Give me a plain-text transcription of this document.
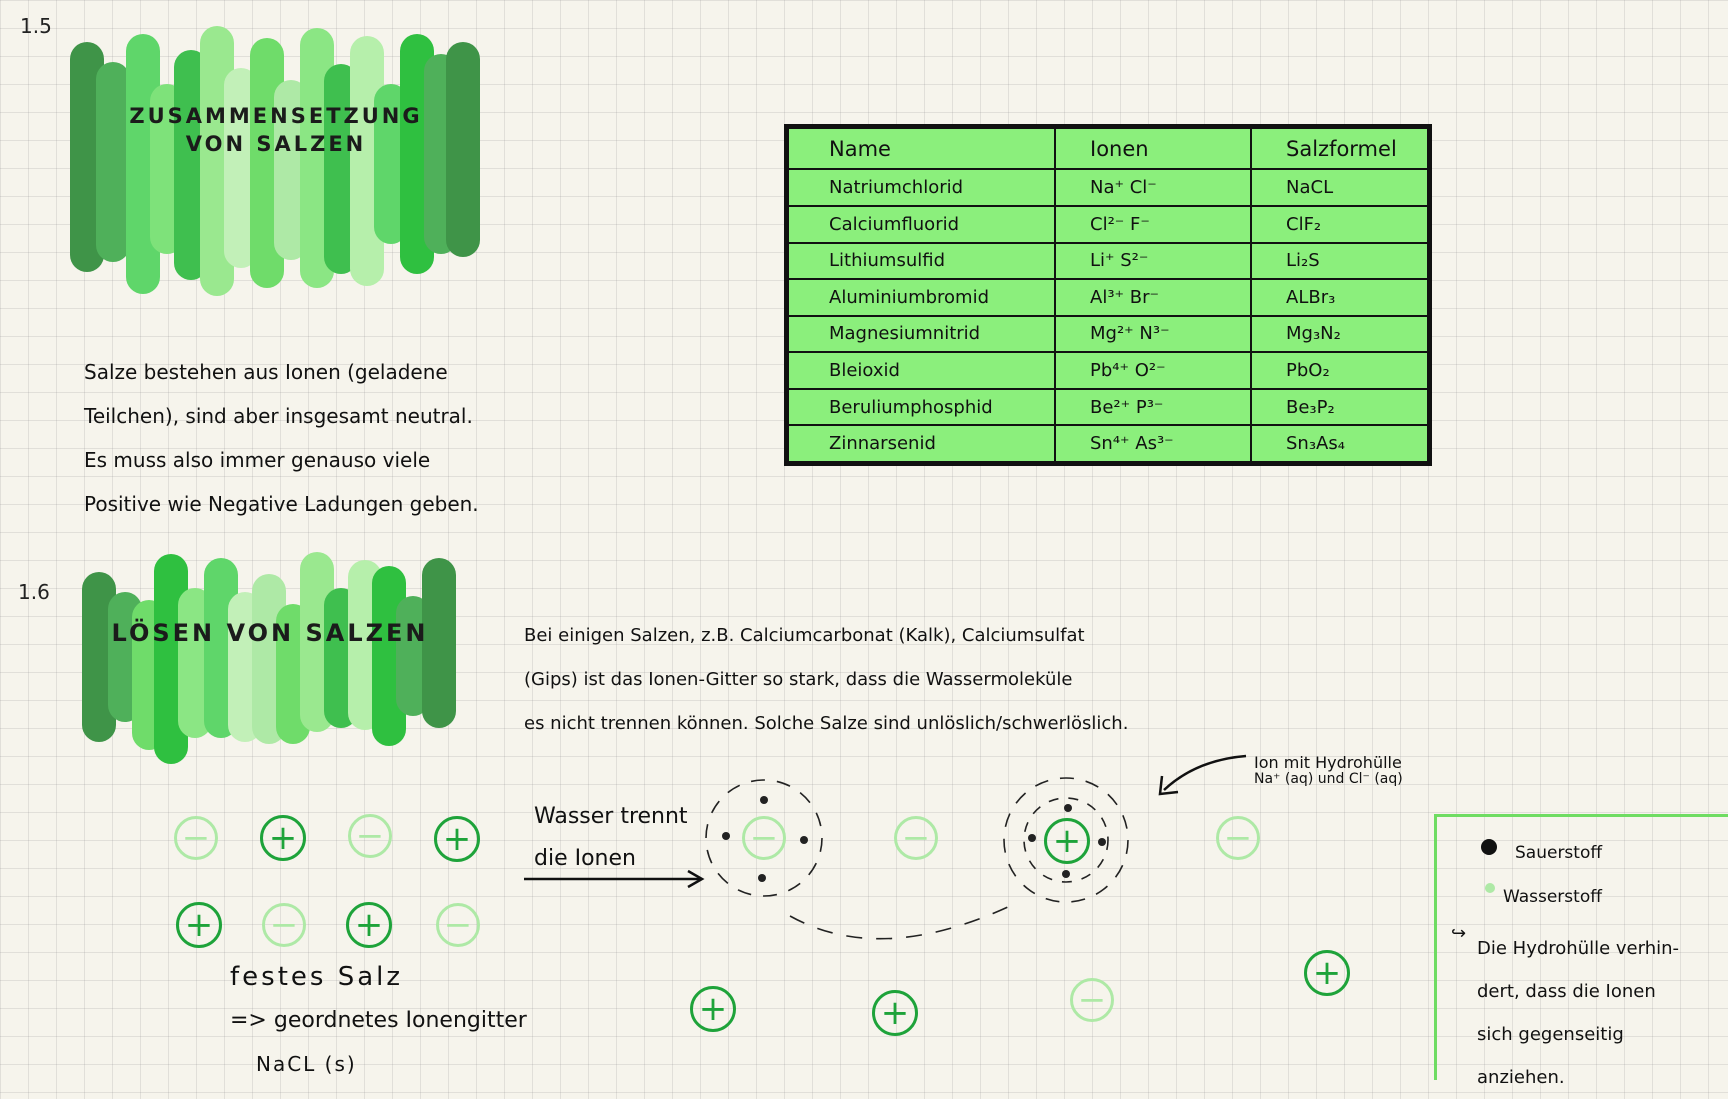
1.5
ZUSAMMENSETZUNG
VON SALZEN
Salze bestehen aus Ionen (geladene
Teilchen), sind aber insgesamt neutral.
Es muss also immer genauso viele
Positive wie Negative Ladungen geben.
Name	Ionen	Salzformel
Natriumchlorid	Na⁺ Cl⁻	NaCL
Calciumfluorid	Cl²⁻ F⁻	ClF₂
Lithiumsulfid	Li⁺ S²⁻	Li₂S
Aluminiumbromid	Al³⁺ Br⁻	ALBr₃
Magnesiumnitrid	Mg²⁺ N³⁻	Mg₃N₂
Bleioxid	Pb⁴⁺ O²⁻	PbO₂
Beruliumphosphid	Be²⁺ P³⁻	Be₃P₂
Zinnarsenid	Sn⁴⁺ As³⁻	Sn₃As₄
1.6
LÖSEN VON SALZEN	Bei einigen Salzen, z.B. Calciumcarbonat (Kalk), Calciumsulfat
(Gips) ist das Ionen-Gitter so stark, dass die Wassermoleküle
es nicht trennen können. Solche Salze sind unlöslich/schwerlöslich.
− + − +
+ − + −
festes Salz
=> geordnetes Ionengitter
NaCL (s)
Wasser trennt
die Ionen
−	+
−	−
+	+	−
+
Ion mit Hydrohülle
Na⁺ (aq) und Cl⁻ (aq)
Sauerstoff
Wasserstoff
↪
Die Hydrohülle verhin-
dert, dass die Ionen
sich gegenseitig
anziehen.
